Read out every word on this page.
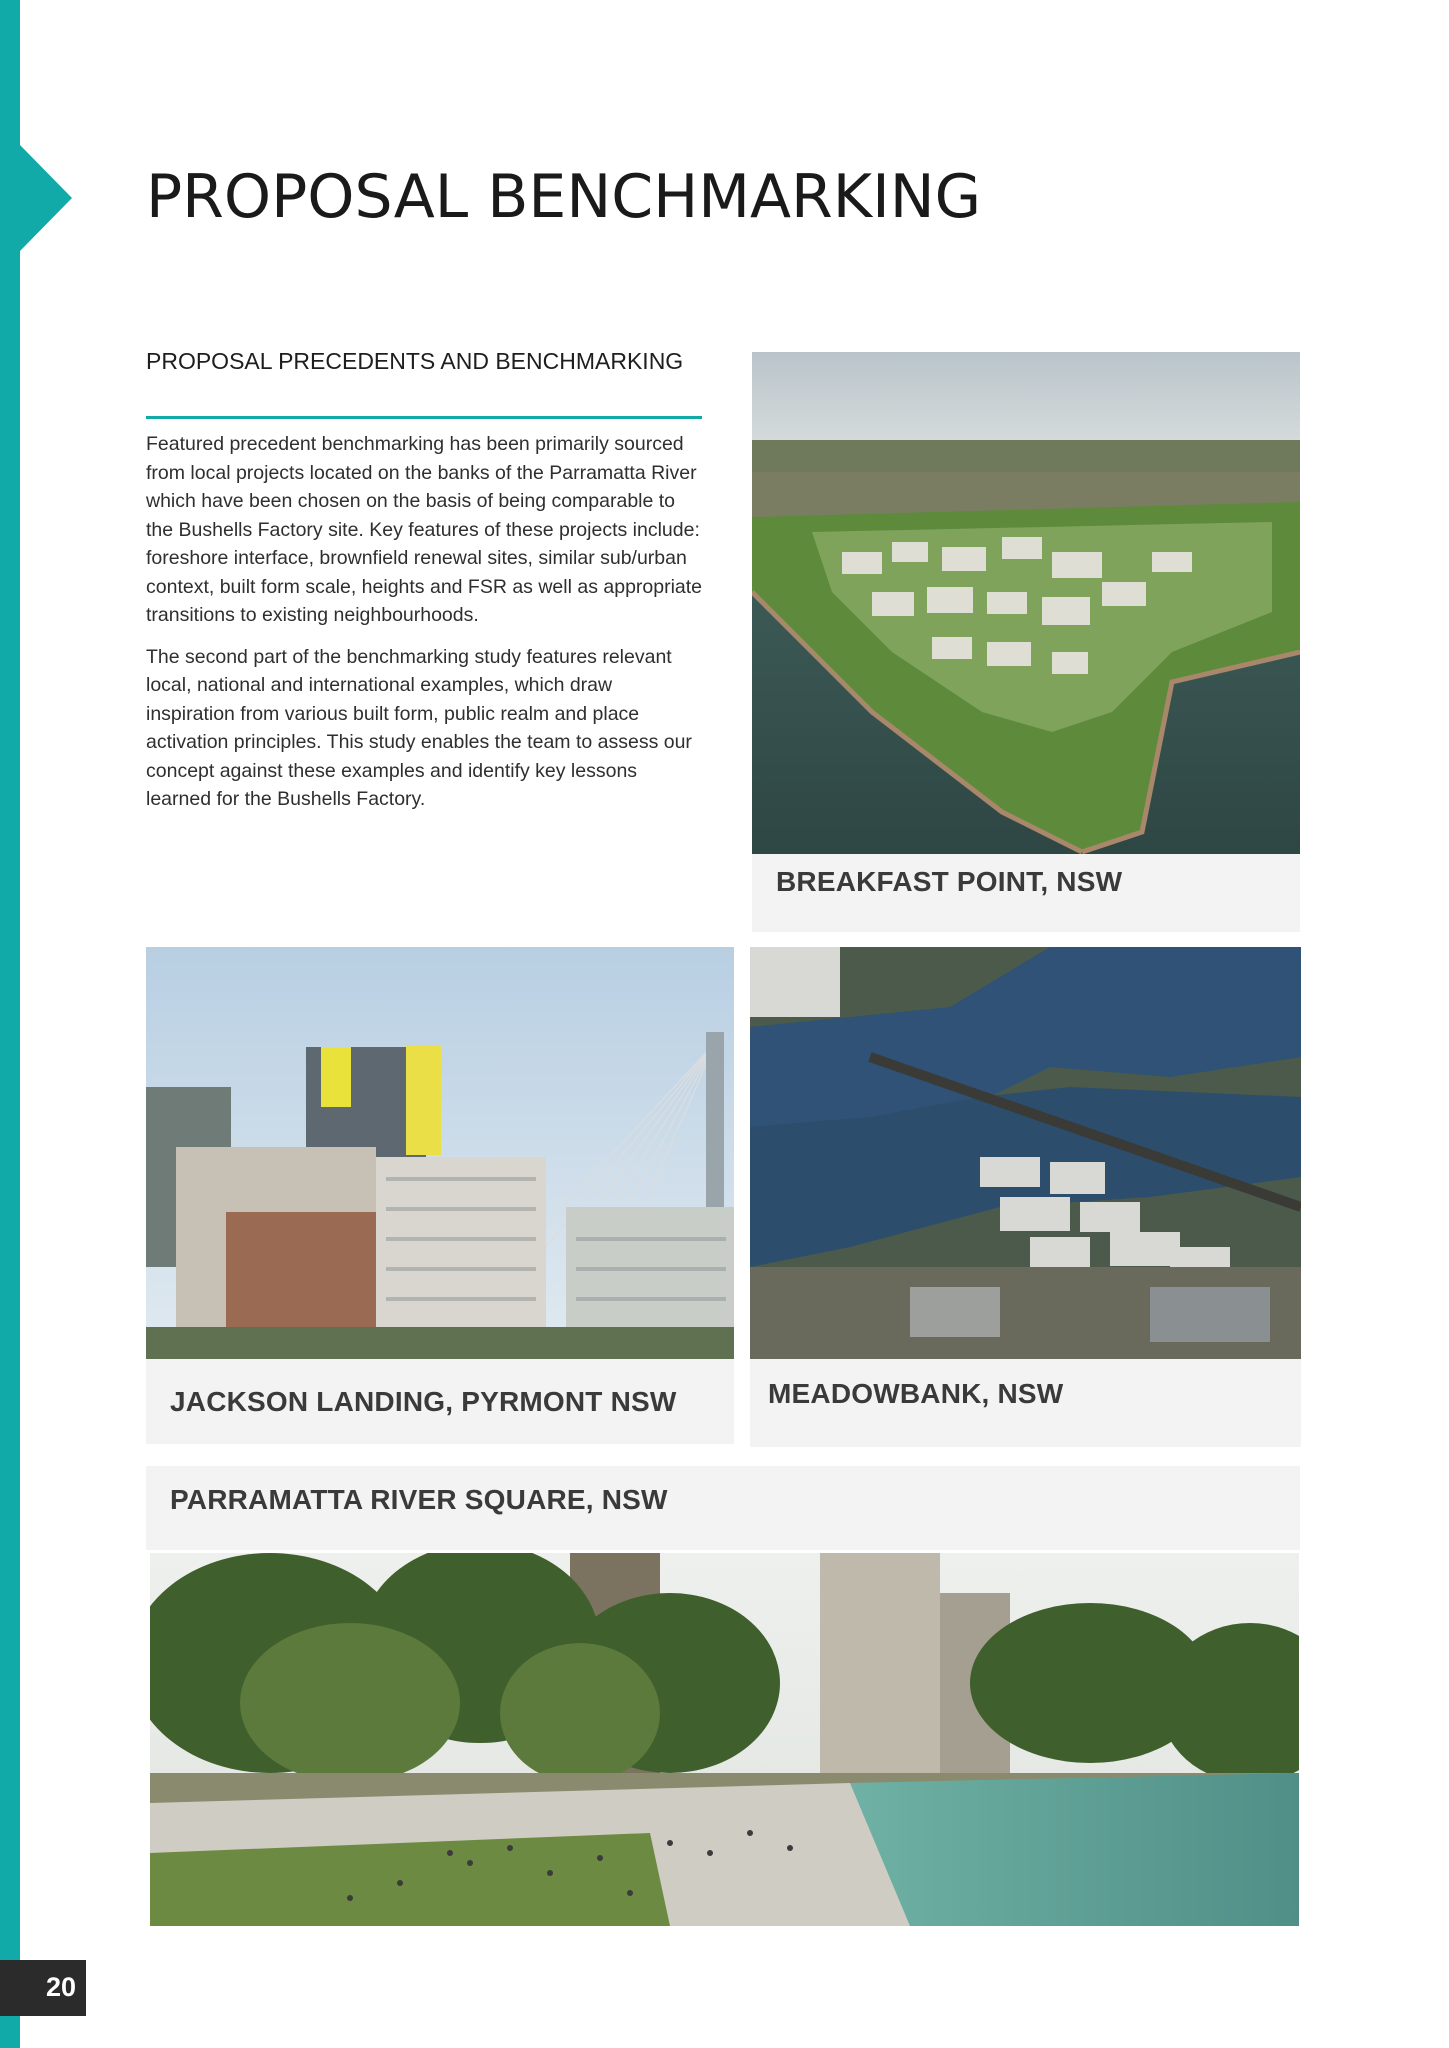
PROPOSAL BENCHMARKING
PROPOSAL PRECEDENTS AND BENCHMARKING

Featured precedent benchmarking has been primarily sourced from local projects located on the banks of the Parramatta River which have been chosen on the basis of being comparable to the Bushells Factory site. Key features of these projects include: foreshore interface, brownfield renewal sites, similar sub/urban context, built form scale, heights and FSR as well as appropriate transitions to existing neighbourhoods.

The second part of the benchmarking study features relevant local, national and international examples, which draw inspiration from various built form, public realm and place activation principles. This study enables the team to assess our concept against these examples and identify key lessons learned for the Bushells Factory.

BREAKFAST POINT, NSW
JACKSON LANDING, PYRMONT NSW	MEADOWBANK, NSW
PARRAMATTA RIVER SQUARE, NSW
20
